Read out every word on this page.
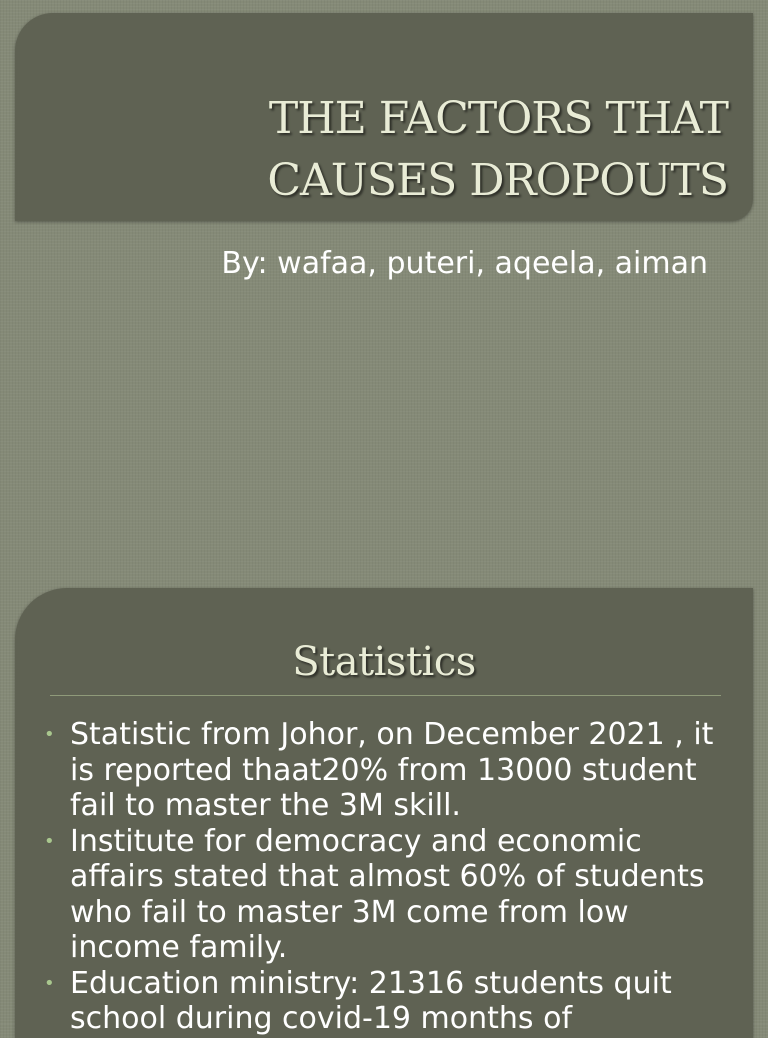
THE FACTORS THAT CAUSES DROPOUTS

By: wafaa, puteri, aqeela, aiman

Statistics
• Statistic from Johor, on December 2021 , it is reported thaat20% from 13000 student fail to master the 3M skill.
• Institute for democracy and economic affairs stated that almost 60% of students who fail to master 3M come from low income family.
• Education ministry: 21316 students quit school during covid-19 months of
